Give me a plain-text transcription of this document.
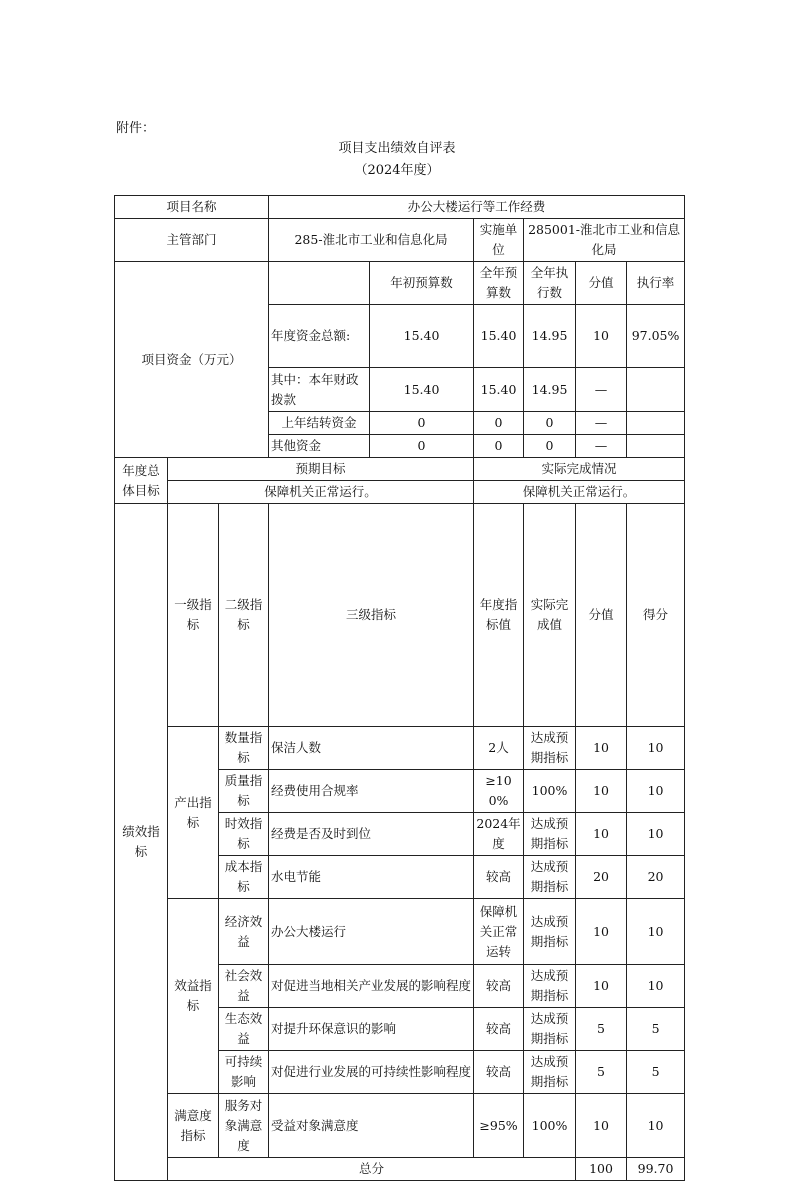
附件：
项目支出绩效自评表
（2024年度）
项目名称			办公大楼运行等工作经费						
主管部门			285-淮北市工业和信息化局		实施单位	285001-淮北市工业和信息化局			
项目资金（万元）				年初预算数	全年预算数	全年执行数	分值	执行率	
			年度资金总额:	15.40	15.40	14.95	10	97.05%	
			其中：本年财政拨款	15.40	15.40	14.95	—		
			上年结转资金	0	0	0	—		
			其他资金	0	0	0	—		
年度总体目标	预期目标				实际完成情况				
	保障机关正常运行。				保障机关正常运行。				
绩效指标	一级指标	二级指标	三级指标		年度指标值	实际完成值	分值	得分	
	产出指标	数量指标	保洁人数		2人	达成预期指标	10	10	
		质量指标	经费使用合规率		≥100%	100%	10	10	
		时效指标	经费是否及时到位		2024年度	达成预期指标	10	10	
		成本指标	水电节能		较高	达成预期指标	20	20	
	效益指标	经济效益	办公大楼运行		保障机关正常运转	达成预期指标	10	10	
		社会效益	对促进当地相关产业发展的影响程度		较高	达成预期指标	10	10	
		生态效益	对提升环保意识的影响		较高	达成预期指标	5	5	
		可持续影响	对促进行业发展的可持续性影响程度		较高	达成预期指标	5	5	
	满意度指标	服务对象满意度	受益对象满意度		≥95%	100%	10	10	
	总分						100	99.70	
